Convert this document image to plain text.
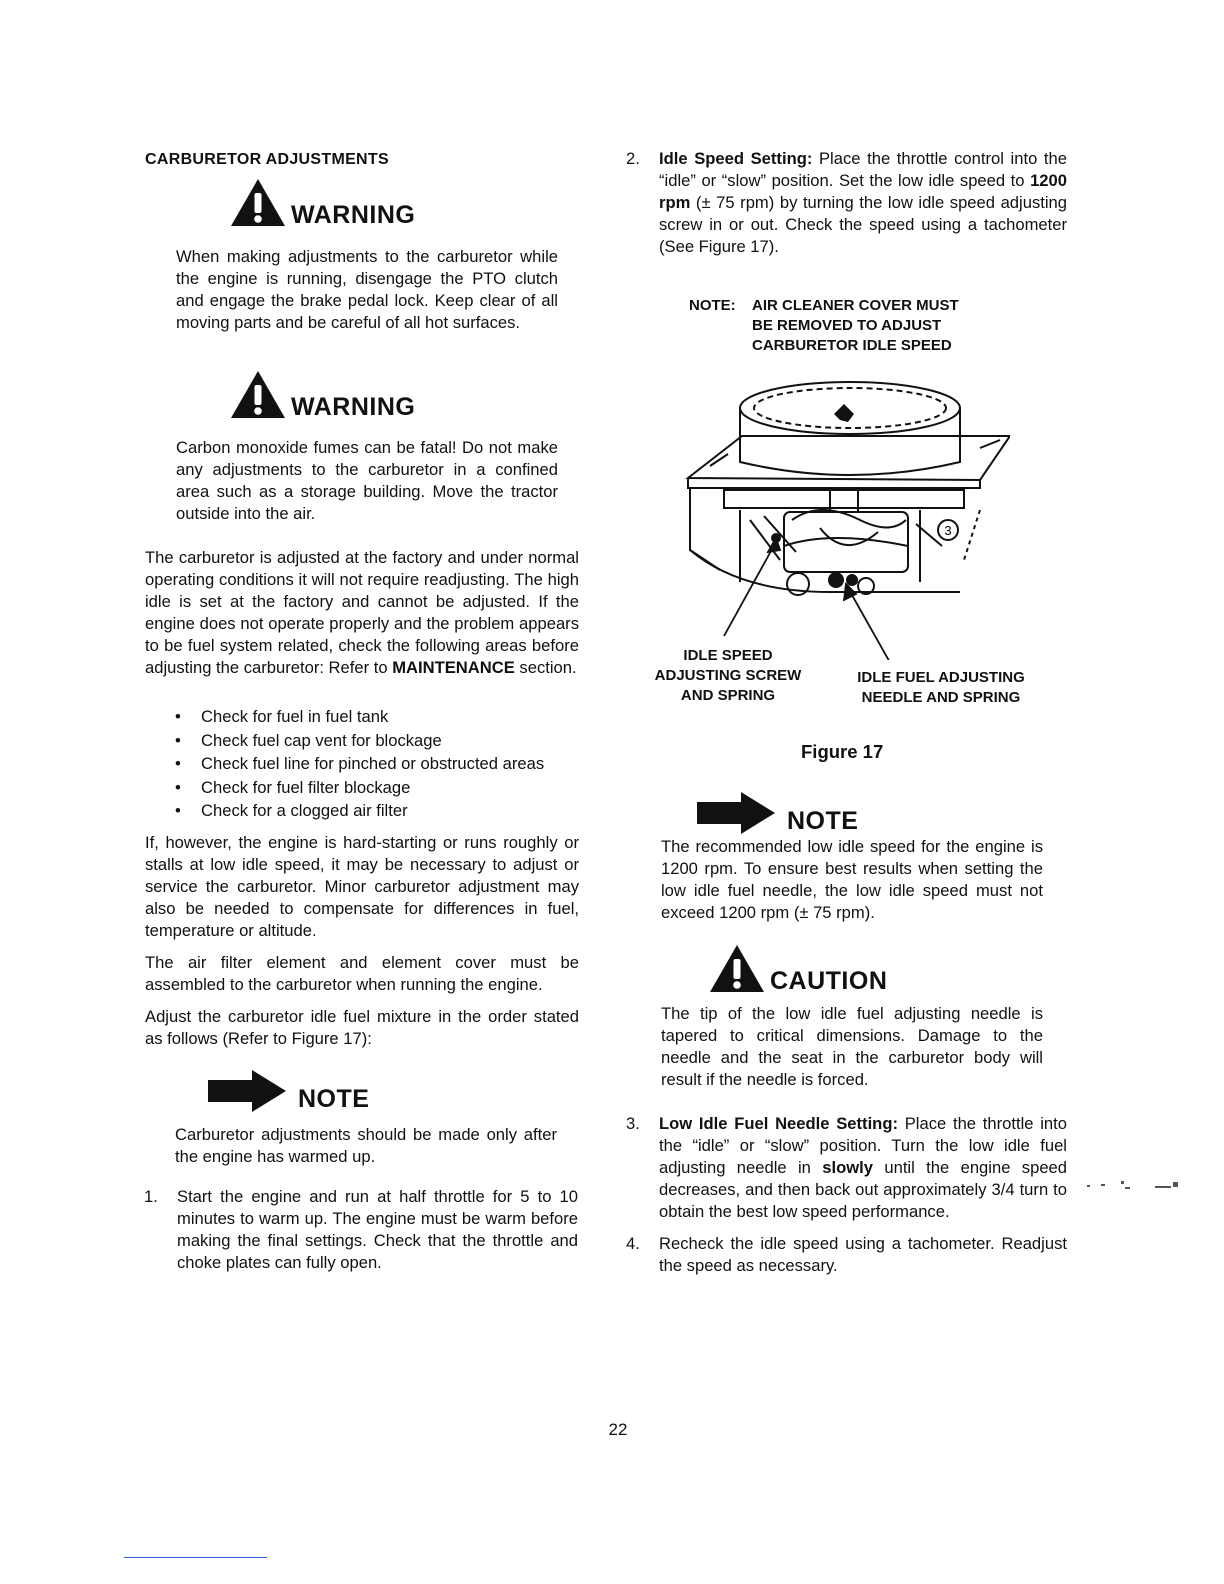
CARBURETOR ADJUSTMENTS
WARNING
When making adjustments to the carburetor while the engine is running, disengage the PTO clutch and engage the brake pedal lock. Keep clear of all moving parts and be careful of all hot surfaces.
WARNING
Carbon monoxide fumes can be fatal! Do not make any adjustments to the carburetor in a confined area such as a storage building. Move the tractor outside into the air.
The carburetor is adjusted at the factory and under normal operating conditions it will not require readjusting. The high idle is set at the factory and cannot be adjusted. If the engine does not operate properly and the problem appears to be fuel system related, check the following areas before adjusting the carburetor: Refer to MAINTENANCE section.
• Check for fuel in fuel tank
• Check fuel cap vent for blockage
• Check fuel line for pinched or obstructed areas
• Check for fuel filter blockage
• Check for a clogged air filter
If, however, the engine is hard-starting or runs roughly or stalls at low idle speed, it may be necessary to adjust or service the carburetor. Minor carburetor adjustment may also be needed to compensate for differences in fuel, temperature or altitude.
The air filter element and element cover must be assembled to the carburetor when running the engine.
Adjust the carburetor idle fuel mixture in the order stated as follows (Refer to Figure 17):
NOTE
Carburetor adjustments should be made only after the engine has warmed up.
1.	Start the engine and run at half throttle for 5 to 10 minutes to warm up. The engine must be warm before making the final settings. Check that the throttle and choke plates can fully open.
2.	Idle Speed Setting: Place the throttle control into the “idle” or “slow” position. Set the low idle speed to 1200 rpm (± 75 rpm) by turning the low idle speed adjusting screw in or out. Check the speed using a tachometer (See Figure 17).
NOTE: AIR CLEANER COVER MUST
BE REMOVED TO ADJUST
CARBURETOR IDLE SPEED
3
IDLE SPEED
ADJUSTING SCREW
AND SPRING
IDLE FUEL ADJUSTING
NEEDLE AND SPRING
Figure 17
NOTE
The recommended low idle speed for the engine is 1200 rpm. To ensure best results when setting the low idle fuel needle, the low idle speed must not exceed 1200 rpm (± 75 rpm).
CAUTION
The tip of the low idle fuel adjusting needle is tapered to critical dimensions. Damage to the needle and the seat in the carburetor body will result if the needle is forced.
3.	Low Idle Fuel Needle Setting: Place the throttle into the “idle” or “slow” position. Turn the low idle fuel adjusting needle in slowly until the engine speed decreases, and then back out approximately 3/4 turn to obtain the best low speed performance.
4.	Recheck the idle speed using a tachometer. Readjust the speed as necessary.
22
